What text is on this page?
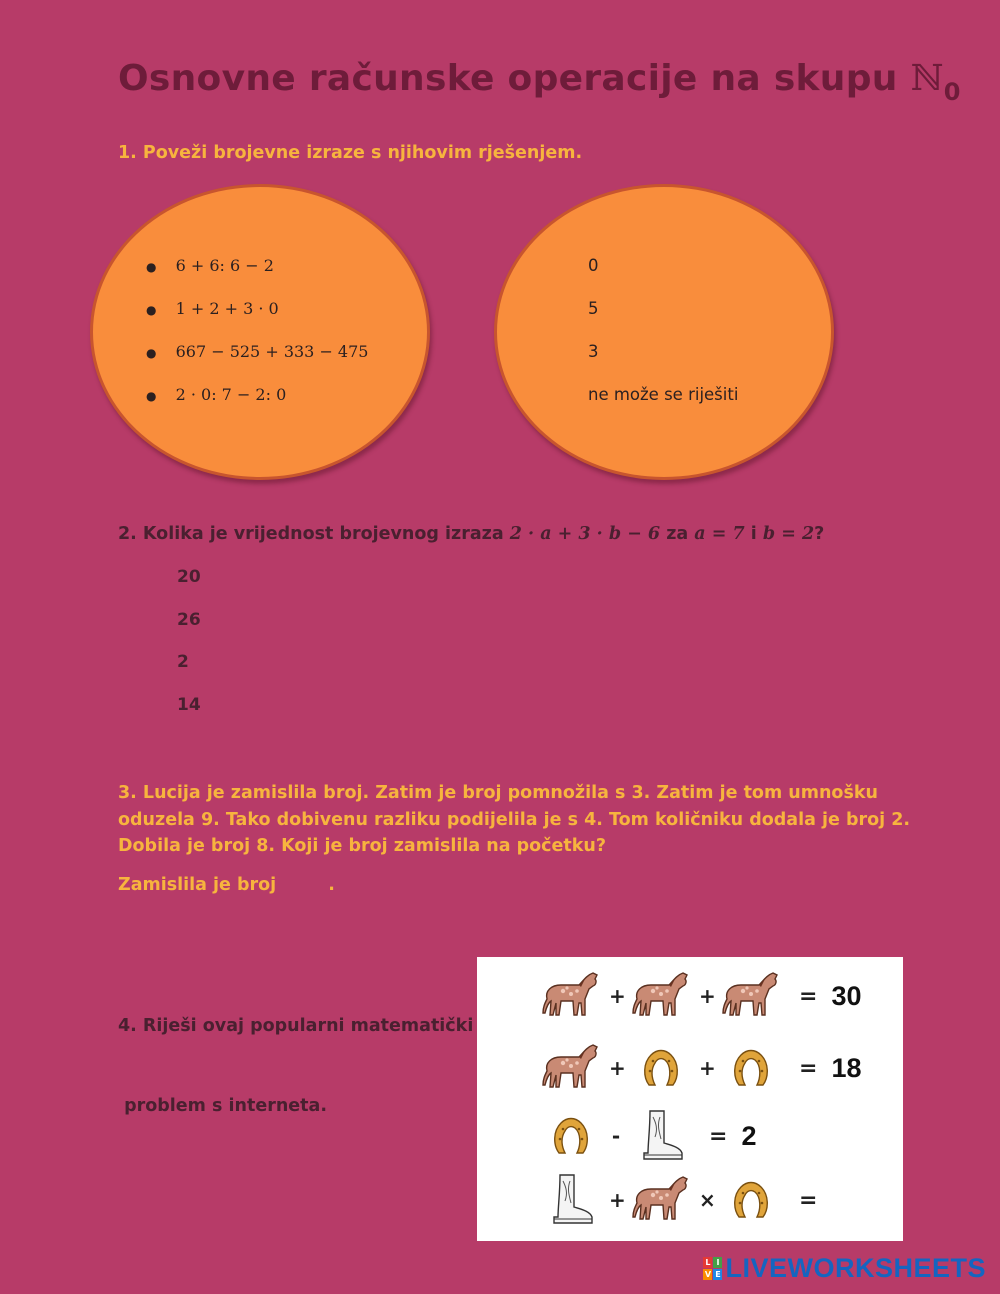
Osnovne računske operacije na skupu ℕ$_0$
1. Poveži brojevne izraze s njihovim rješenjem.
● 6 + 6: 6 − 2
● 1 + 2 + 3 · 0
● 667 − 525 + 333 − 475
● 2 · 0: 7 − 2: 0
0
5
3
ne može se riješiti
2. Kolika je vrijednost brojevnog izraza 2 · a + 3 · b − 6 za a = 7 i b = 2?
20
26
2
14
3. Lucija je zamislila broj. Zatim je broj pomnožila s 3. Zatim je tom umnošku
oduzela 9. Tako dobivenu razliku podijelila je s 4. Tom količniku dodala je broj 2.
Dobila je broj 8. Koji je broj zamislila na početku?
Zamislila je broj	.

4. Riješi ovaj popularni matematički

problem s interneta.

+	+	= 30
+	+	= 18
-	= 2
+	×	=
L I
V E LIVEWORKSHEETS
